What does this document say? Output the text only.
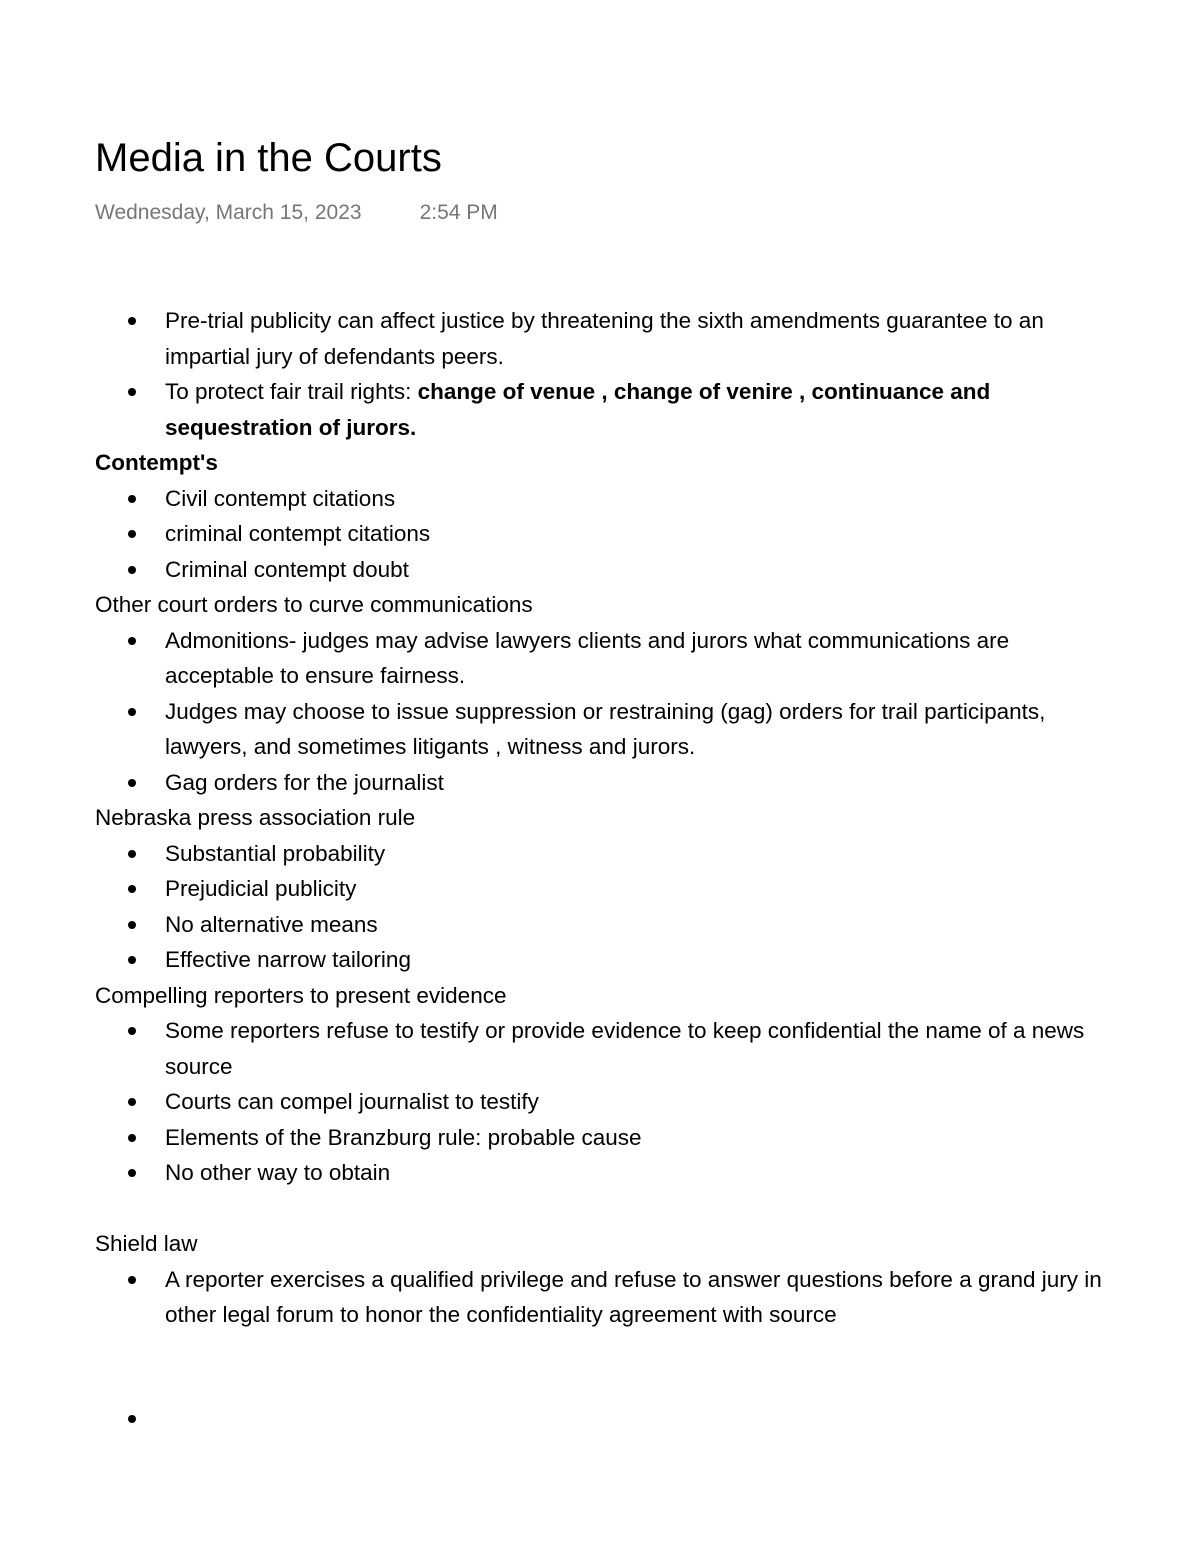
Media in the Courts
Wednesday, March 15, 2023	2:54 PM
Pre-trial publicity can affect justice by threatening the sixth amendments guarantee to an impartial jury of defendants peers.
To protect fair trail rights: change of venue , change of venire , continuance and sequestration of jurors.
Contempt's
Civil contempt citations
criminal contempt citations
Criminal contempt doubt
Other court orders to curve communications
Admonitions- judges may advise lawyers clients and jurors what communications are acceptable to ensure fairness.
Judges may choose to issue suppression or restraining (gag) orders for trail participants, lawyers, and sometimes litigants , witness and jurors.
Gag orders for the journalist
Nebraska press association rule
Substantial probability
Prejudicial publicity
No alternative means
Effective narrow tailoring
Compelling reporters to present evidence
Some reporters refuse to testify or provide evidence to keep confidential the name of a news source
Courts can compel journalist to testify
Elements of the Branzburg rule: probable cause
No other way to obtain
Shield law
A reporter exercises a qualified privilege and refuse to answer questions before a grand jury in other legal forum to honor the confidentiality agreement with source
